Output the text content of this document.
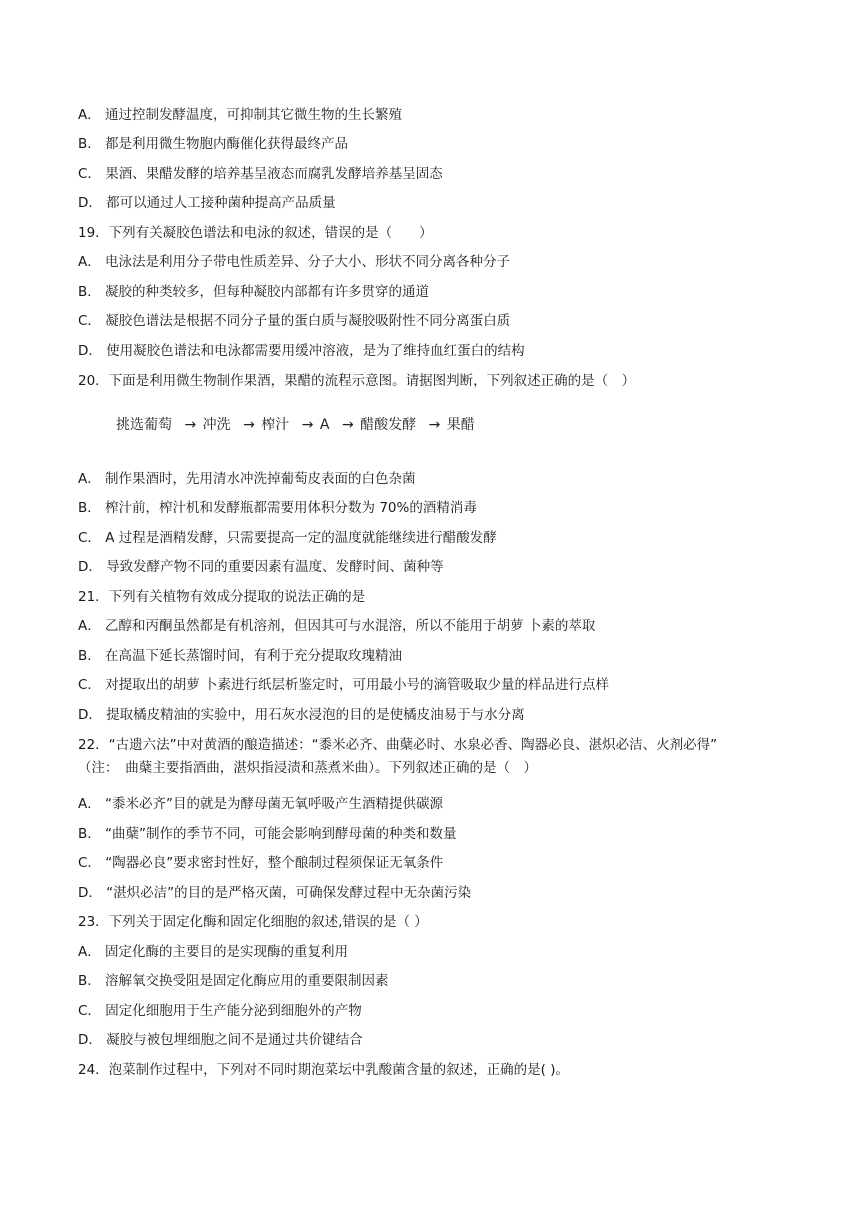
A． 通过控制发酵温度，可抑制其它微生物的生长繁殖
B． 都是利用微生物胞内酶催化获得最终产品
C． 果酒、果醋发酵的培养基呈液态而腐乳发酵培养基呈固态
D． 都可以通过人工接种菌种提高产品质量
19．下列有关凝胶色谱法和电泳的叙述，错误的是（　　）
A． 电泳法是利用分子带电性质差异、分子大小、形状不同分离各种分子
B． 凝胶的种类较多，但每种凝胶内部都有许多贯穿的通道
C． 凝胶色谱法是根据不同分子量的蛋白质与凝胶吸附性不同分离蛋白质
D． 使用凝胶色谱法和电泳都需要用缓冲溶液，是为了维持血红蛋白的结构
20．下面是利用微生物制作果酒，果醋的流程示意图。请据图判断，下列叙述正确的是（　）
挑选葡萄 → 冲洗 → 榨汁 → A → 醋酸发酵 → 果醋
A． 制作果酒时，先用清水冲洗掉葡萄皮表面的白色杂菌
B． 榨汁前，榨汁机和发酵瓶都需要用体积分数为 70%的酒精消毒
C． A 过程是酒精发酵，只需要提高一定的温度就能继续进行醋酸发酵
D． 导致发酵产物不同的重要因素有温度、发酵时间、菌种等
21．下列有关植物有效成分提取的说法正确的是
A． 乙醇和丙酮虽然都是有机溶剂，但因其可与水混溶，所以不能用于胡萝 卜素的萃取
B． 在高温下延长蒸馏时间，有利于充分提取玫瑰精油
C． 对提取出的胡萝 卜素进行纸层析鉴定时，可用最小号的滴管吸取少量的样品进行点样
D． 提取橘皮精油的实验中，用石灰水浸泡的目的是使橘皮油易于与水分离
22．“古遗六法”中对黄酒的酿造描述：“黍米必齐、曲蘖必时、水泉必香、陶器必良、湛炽必洁、火剂必得”
（注：　曲蘖主要指酒曲，湛炽指浸渍和蒸煮米曲）。下列叙述正确的是（　）
A． “黍米必齐”目的就是为酵母菌无氧呼吸产生酒精提供碳源
B． “曲蘖”制作的季节不同，可能会影响到酵母菌的种类和数量
C． “陶器必良”要求密封性好，整个酿制过程须保证无氧条件
D． “湛炽必洁”的目的是严格灭菌，可确保发酵过程中无杂菌污染
23．下列关于固定化酶和固定化细胞的叙述,错误的是（ ）
A． 固定化酶的主要目的是实现酶的重复利用
B． 溶解氧交换受阻是固定化酶应用的重要限制因素
C． 固定化细胞用于生产能分泌到细胞外的产物
D． 凝胶与被包埋细胞之间不是通过共价键结合
24．泡菜制作过程中，下列对不同时期泡菜坛中乳酸菌含量的叙述，正确的是( )。
